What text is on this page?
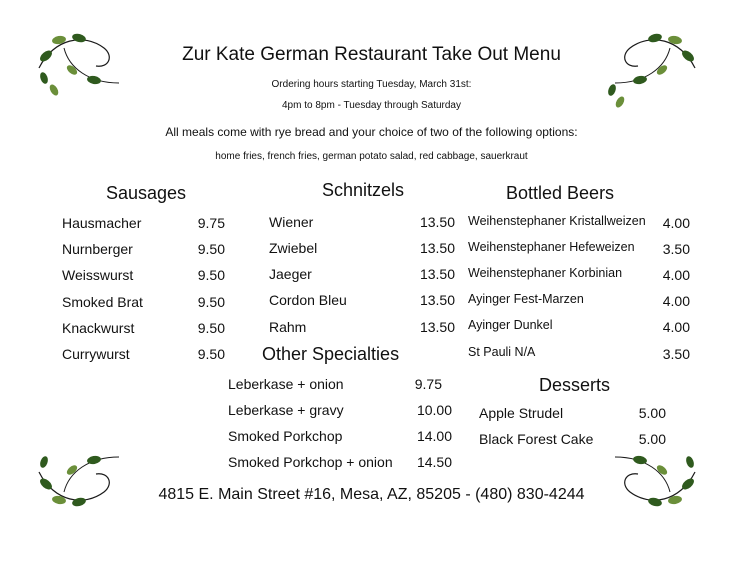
Zur Kate German Restaurant Take Out Menu
Ordering hours starting Tuesday, March 31st:
4pm to 8pm - Tuesday through Saturday
All meals come with rye bread and your choice of two of the following options:
home fries, french fries, german potato salad, red cabbage, sauerkraut
Sausages
Hausmacher	9.75
Nurnberger	9.50
Weisswurst	9.50
Smoked Brat	9.50
Knackwurst	9.50
Currywurst	9.50
Schnitzels
Wiener	13.50
Zwiebel	13.50
Jaeger	13.50
Cordon Bleu	13.50
Rahm	13.50
Bottled Beers
Weihenstephaner Kristallweizen	4.00
Weihenstephaner Hefeweizen	3.50
Weihenstephaner Korbinian	4.00
Ayinger Fest-Marzen	4.00
Ayinger Dunkel	4.00
St Pauli N/A	3.50
Other Specialties
Leberkase + onion	9.75
Leberkase + gravy	10.00
Smoked Porkchop	14.00
Smoked Porkchop + onion	14.50
Desserts
Apple Strudel	5.00
Black Forest Cake	5.00
4815 E. Main Street #16, Mesa, AZ, 85205 - (480) 830-4244
